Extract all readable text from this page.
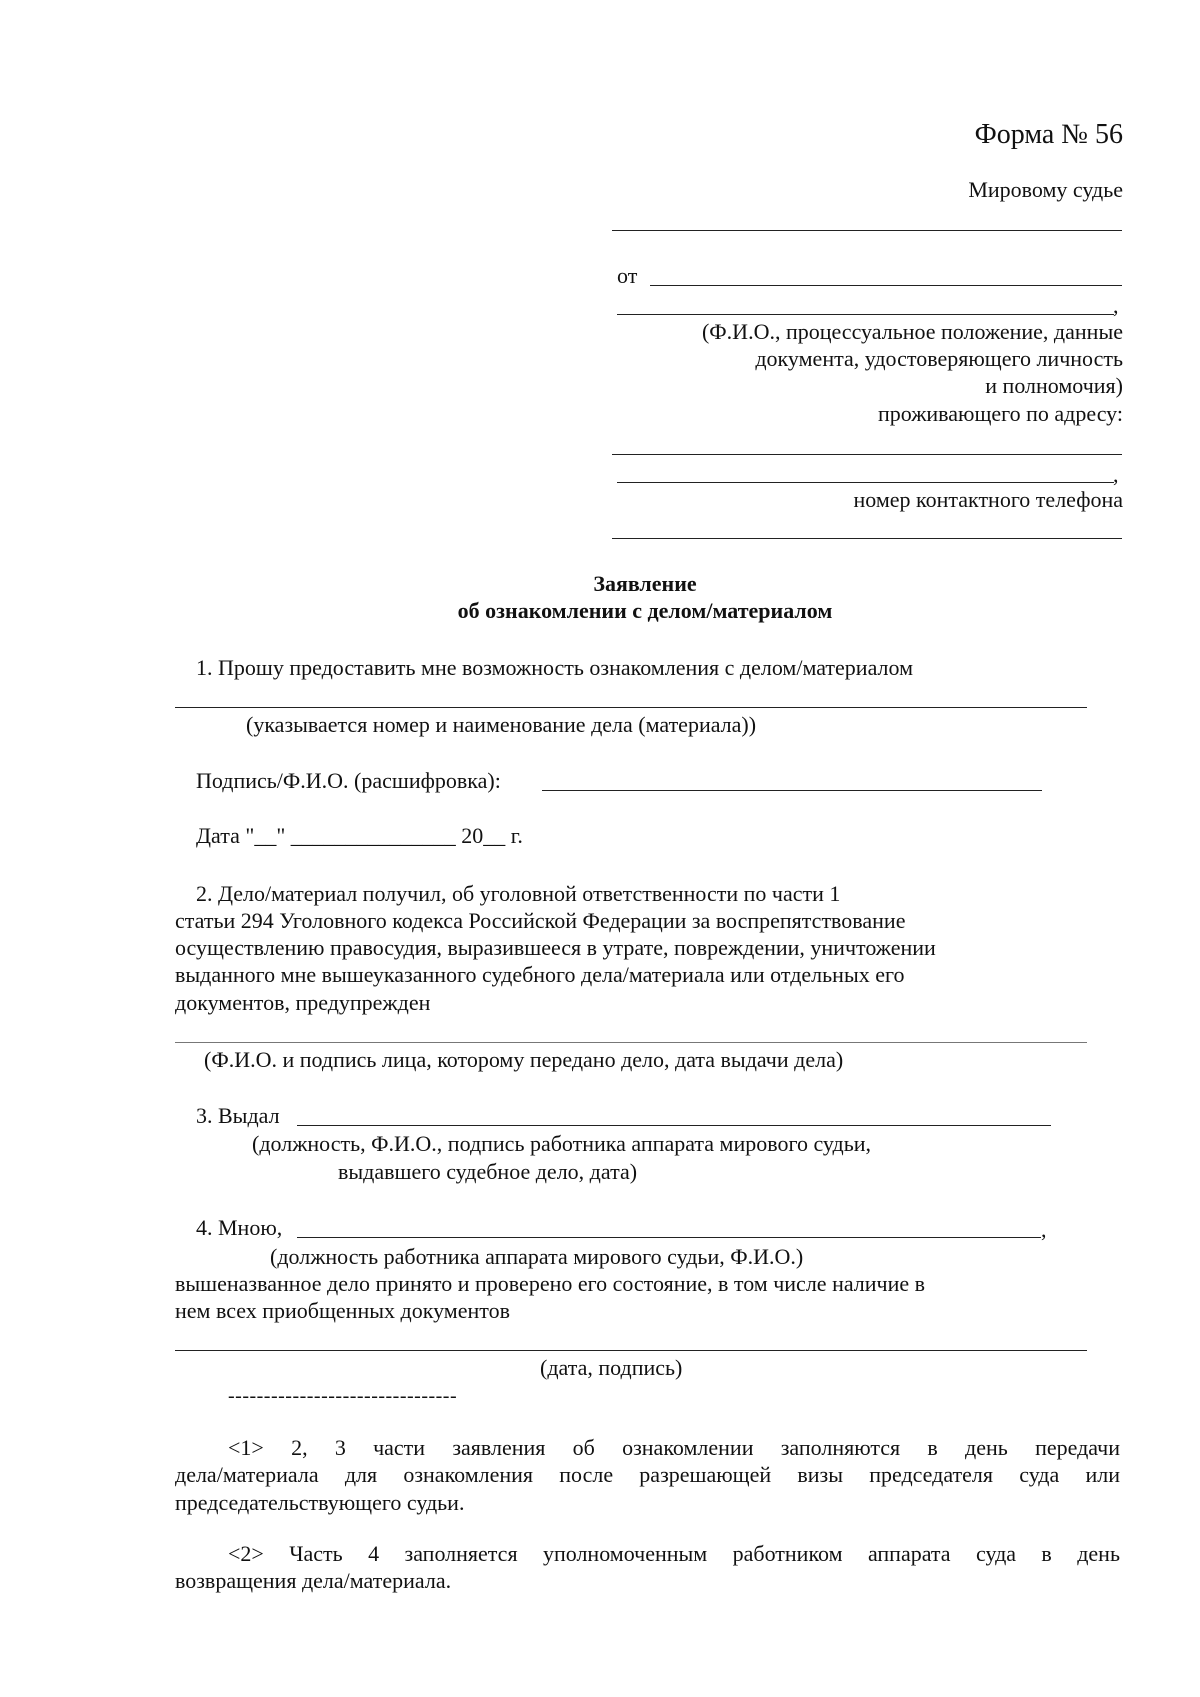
Форма № 56
Мировому судье
от
,
(Ф.И.О., процессуальное положение, данные
документа, удостоверяющего личность
и полномочия)
проживающего по адресу:
,
номер контактного телефона
Заявление
об ознакомлении с делом/материалом
1. Прошу предоставить мне возможность ознакомления с делом/материалом
(указывается номер и наименование дела (материала))
Подпись/Ф.И.О. (расшифровка):
Дата "__" _______________ 20__ г.
2. Дело/материал получил, об уголовной ответственности по части 1
статьи 294 Уголовного кодекса Российской Федерации за воспрепятствование
осуществлению правосудия, выразившееся в утрате, повреждении, уничтожении
выданного мне вышеуказанного судебного дела/материала или отдельных его
документов, предупрежден
(Ф.И.О. и подпись лица, которому передано дело, дата выдачи дела)
3. Выдал
(должность, Ф.И.О., подпись работника аппарата мирового судьи,
выдавшего судебное дело, дата)
4. Мною,	,
(должность работника аппарата мирового судьи, Ф.И.О.)
вышеназванное дело принято и проверено его состояние, в том числе наличие в
нем всех приобщенных документов
(дата, подпись)
--------------------------------
<1> 2, 3 части заявления об ознакомлении заполняются в день передачи
дела/материала для ознакомления после разрешающей визы председателя суда или
председательствующего судьи.
<2> Часть 4 заполняется уполномоченным работником аппарата суда в день
возвращения дела/материала.
